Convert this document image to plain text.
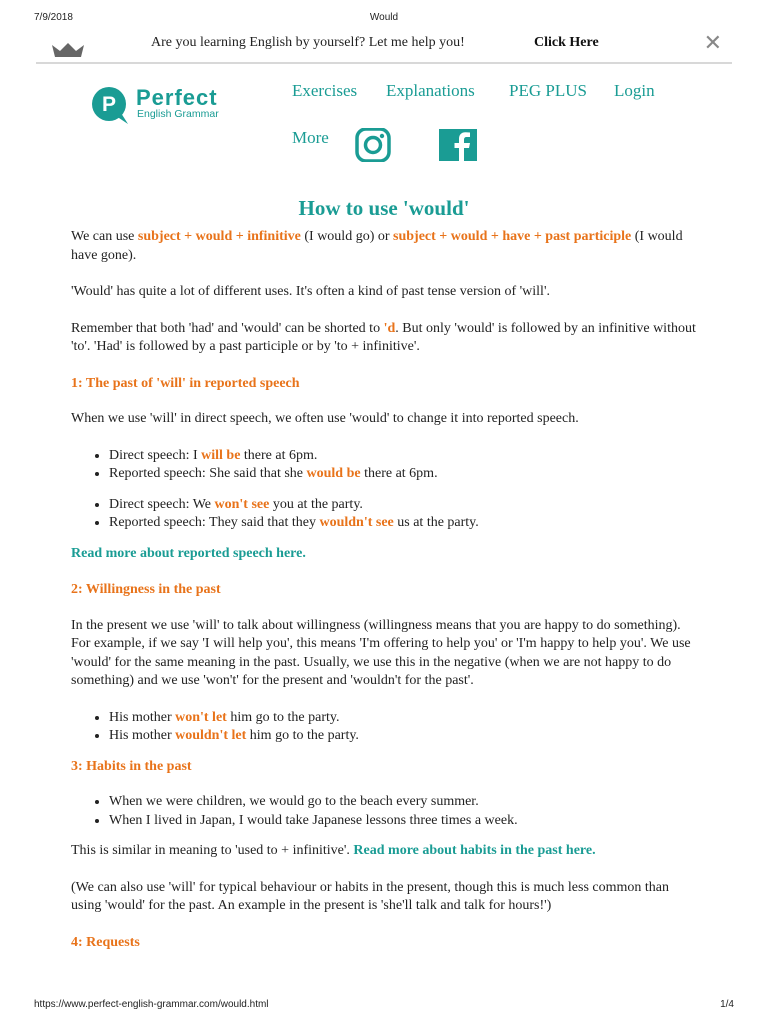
7/9/2018	Would
Are you learning English by yourself? Let me help you!	Click Here	✕
P Perfect
English Grammar
Exercises Explanations PEG PLUS Login
More
How to use 'would'

We can use subject + would + infinitive (I would go) or subject + would + have + past participle (I would have gone).

'Would' has quite a lot of different uses. It's often a kind of past tense version of 'will'.

Remember that both 'had' and 'would' can be shorted to 'd. But only 'would' is followed by an infinitive without 'to'. 'Had' is followed by a past participle or by 'to + infinitive'.

1: The past of 'will' in reported speech

When we use 'will' in direct speech, we often use 'would' to change it into reported speech.

• Direct speech: I will be there at 6pm.
• Reported speech: She said that she would be there at 6pm.
• Direct speech: We won't see you at the party.
• Reported speech: They said that they wouldn't see us at the party.

Read more about reported speech here.

2: Willingness in the past

In the present we use 'will' to talk about willingness (willingness means that you are happy to do something). For example, if we say 'I will help you', this means 'I'm offering to help you' or 'I'm happy to help you'. We use 'would' for the same meaning in the past. Usually, we use this in the negative (when we are not happy to do something) and we use 'won't' for the present and 'wouldn't for the past'.

• His mother won't let him go to the party.
• His mother wouldn't let him go to the party.
3: Habits in the past
• When we were children, we would go to the beach every summer.
• When I lived in Japan, I would take Japanese lessons three times a week.

This is similar in meaning to 'used to + infinitive'. Read more about habits in the past here.

(We can also use 'will' for typical behaviour or habits in the present, though this is much less common than using 'would' for the past. An example in the present is 'she'll talk and talk for hours!')

4: Requests
https://www.perfect-english-grammar.com/would.html	1/4
